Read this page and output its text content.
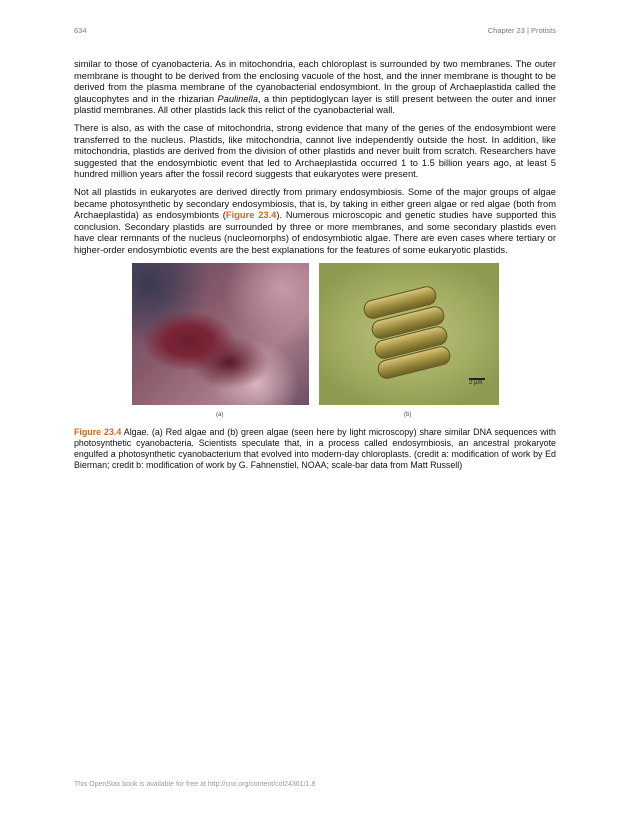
634	Chapter 23 | Protists

similar to those of cyanobacteria. As in mitochondria, each chloroplast is surrounded by two membranes. The outer membrane is thought to be derived from the enclosing vacuole of the host, and the inner membrane is thought to be derived from the plasma membrane of the cyanobacterial endosymbiont. In the group of Archaeplastida called the glaucophytes and in the rhizarian Paulinella, a thin peptidoglycan layer is still present between the outer and inner plastid membranes. All other plastids lack this relict of the cyanobacterial wall.

There is also, as with the case of mitochondria, strong evidence that many of the genes of the endosymbiont were transferred to the nucleus. Plastids, like mitochondria, cannot live independently outside the host. In addition, like mitochondria, plastids are derived from the division of other plastids and never built from scratch. Researchers have suggested that the endosymbiotic event that led to Archaeplastida occurred 1 to 1.5 billion years ago, at least 5 hundred million years after the fossil record suggests that eukaryotes were present.

Not all plastids in eukaryotes are derived directly from primary endosymbiosis. Some of the major groups of algae became photosynthetic by secondary endosymbiosis, that is, by taking in either green algae or red algae (both from Archaeplastida) as endosymbionts (Figure 23.4). Numerous microscopic and genetic studies have supported this conclusion. Secondary plastids are surrounded by three or more membranes, and some secondary plastids even have clear remnants of the nucleus (nucleomorphs) of endosymbiotic algae. There are even cases where tertiary or higher-order endosymbiotic events are the best explanations for the features of some eukaryotic plastids.

2 µm
(a)	(b)

Figure 23.4 Algae. (a) Red algae and (b) green algae (seen here by light microscopy) share similar DNA sequences with photosynthetic cyanobacteria. Scientists speculate that, in a process called endosymbiosis, an ancestral prokaryote engulfed a photosynthetic cyanobacterium that evolved into modern-day chloroplasts. (credit a: modification of work by Ed Bierman; credit b: modification of work by G. Fahnenstiel, NOAA; scale-bar data from Matt Russell)

This OpenStax book is available for free at http://cnx.org/content/col24361/1.8
